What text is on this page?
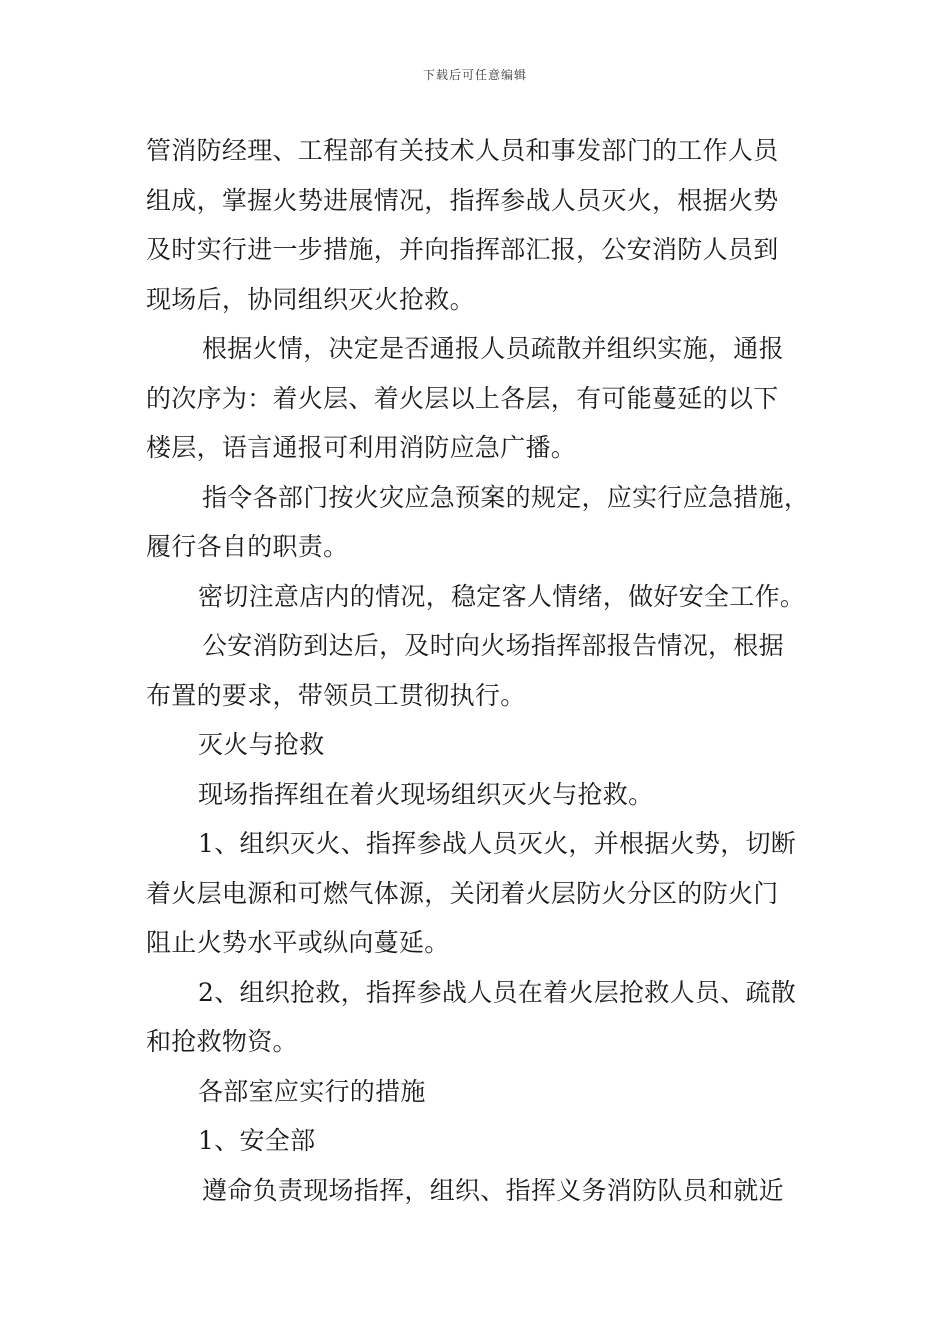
下载后可任意编辑
管消防经理、工程部有关技术人员和事发部门的工作人员
组成，掌握火势进展情况，指挥参战人员灭火，根据火势
及时实行进一步措施，并向指挥部汇报，公安消防人员到
现场后，协同组织灭火抢救。
根据火情，决定是否通报人员疏散并组织实施，通报
的次序为：着火层、着火层以上各层，有可能蔓延的以下
楼层，语言通报可利用消防应急广播。
指令各部门按火灾应急预案的规定，应实行应急措施，
履行各自的职责。
密切注意店内的情况，稳定客人情绪，做好安全工作。
公安消防到达后，及时向火场指挥部报告情况，根据
布置的要求，带领员工贯彻执行。
灭火与抢救
现场指挥组在着火现场组织灭火与抢救。
1、组织灭火、指挥参战人员灭火，并根据火势，切断
着火层电源和可燃气体源，关闭着火层防火分区的防火门
阻止火势水平或纵向蔓延。
2、组织抢救，指挥参战人员在着火层抢救人员、疏散
和抢救物资。
各部室应实行的措施
1、安全部
遵命负责现场指挥，组织、指挥义务消防队员和就近
